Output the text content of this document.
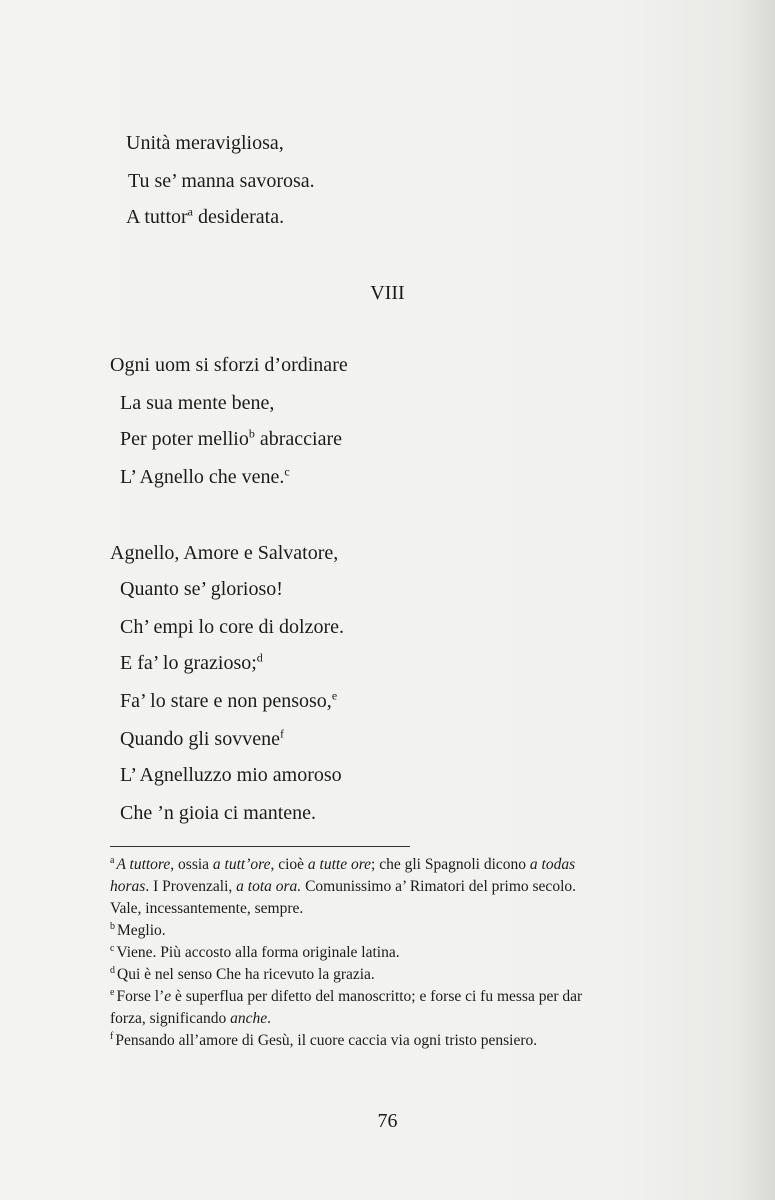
Unità meravigliosa,

Tu se’ manna savorosa.

A tuttor$^a$ desiderata.

VIII

Ogni uom si sforzi d’ordinare

La sua mente bene,

Per poter mellio$^b$ abracciare

L’ Agnello che vene.$^c$

Agnello, Amore e Salvatore,

Quanto se’ glorioso!

Ch’ empi lo core di dolzore.

E fa’ lo grazioso;$^d$

Fa’ lo stare e non pensoso,$^e$

Quando gli sovvene$^f$

L’ Agnelluzzo mio amoroso

Che ’n gioia ci mantene.

$^a$ A tuttore, ossia a tutt’ore, cioè a tutte ore; che gli Spagnoli dicono a todas

horas. I Provenzali, a tota ora. Comunissimo a’ Rimatori del primo secolo.

Vale, incessantemente, sempre.

$^b$ Meglio.

$^c$ Viene. Più accosto alla forma originale latina.

$^d$ Qui è nel senso Che ha ricevuto la grazia.

$^e$ Forse l’e è superflua per difetto del manoscritto; e forse ci fu messa per dar

forza, significando anche.

$^f$ Pensando all’amore di Gesù, il cuore caccia via ogni tristo pensiero.

76
